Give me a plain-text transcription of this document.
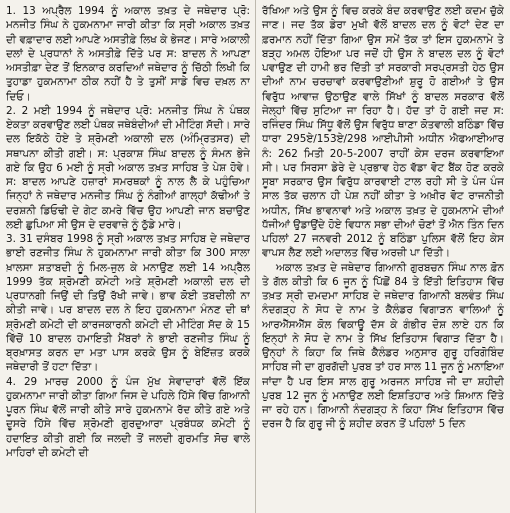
1. 13 ਅਪ੍ਰੈਲ 1994 ਨੂੰ ਅਕਾਲ ਤਖ਼ਤ ਦੇ ਜਥੇਦਾਰ ਪ੍ਰੋ: ਮਨਜੀਤ ਸਿੰਘ ਨੇ ਹੁਕਮਨਾਮਾ ਜਾਰੀ ਕੀਤਾ ਕਿ ਸ੍ਰੀ ਅਕਾਲ ਤਖ਼ਤ ਦੀ ਵਫ਼ਾਦਾਰ ਲਈ ਆਪਣੇ ਅਸਤੀਫ਼ੇ ਲਿਖ ਕੇ ਭੇਜਣ। ਸਾਰੇ ਅਕਾਲੀ ਦਲਾਂ ਦੇ ਪ੍ਰਧਾਨਾਂ ਨੇ ਅਸਤੀਫ਼ੇ ਦਿੱਤੇ ਪਰ ਸ: ਬਾਦਲ ਨੇ ਆਪਣਾ ਅਸਤੀਫ਼ਾ ਦੇਣ ਤੋਂ ਇਨਕਾਰ ਕਰਦਿਆਂ ਜਥੇਦਾਰ ਨੂੰ ਚਿੱਠੀ ਲਿਖੀ ਕਿ ਤੁਹਾਡਾ ਹੁਕਮਨਾਮਾ ਠੀਕ ਨਹੀਂ ਹੈ ਤੇ ਤੁਸੀਂ ਸਾਡੇ ਵਿਚ ਦਖ਼ਲ ਨਾ ਦਿਓ।

2. 2 ਮਈ 1994 ਨੂੰ ਜਥੇਦਾਰ ਪ੍ਰੋ: ਮਨਜੀਤ ਸਿੰਘ ਨੇ ਪੰਥਕ ਏਕਤਾ ਕਰਵਾਉਣ ਲਈ ਪੰਥਕ ਜਥੇਬੰਦੀਆਂ ਦੀ ਮੀਟਿੰਗ ਸੱਦੀ। ਸਾਰੇ ਦਲ ਇਕੱਠੇ ਹੋਏ ਤੇ ਸ਼੍ਰੋਮਣੀ ਅਕਾਲੀ ਦਲ (ਅੰਮ੍ਰਿਤਸਰ) ਦੀ ਸਥਾਪਨਾ ਕੀਤੀ ਗਈ। ਸ: ਪ੍ਰਕਾਸ਼ ਸਿੰਘ ਬਾਦਲ ਨੂੰ ਸੰਮਨ ਭੇਜੇ ਗਏ ਕਿ ਉਹ 6 ਮਈ ਨੂੰ ਸ੍ਰੀ ਅਕਾਲ ਤਖ਼ਤ ਸਾਹਿਬ ਤੇ ਪੇਸ਼ ਹੋਵੇ। ਸ: ਬਾਦਲ ਆਪਣੇ ਹਜ਼ਾਰਾਂ ਸਮਰਥਕਾਂ ਨੂੰ ਨਾਲ ਲੈ ਕੇ ਪਹੁੰਚਿਆ ਜਿਨ੍ਹਾਂ ਨੇ ਜਥੇਦਾਰ ਮਨਜੀਤ ਸਿੰਘ ਨੂੰ ਨੰਗੀਆਂ ਗਾਲ੍ਹਾਂ ਕੱਢੀਆਂ ਤੇ ਦਰਸ਼ਨੀ ਡਿਓਢੀ ਦੇ ਗੇਟ ਕਮਰੇ ਵਿੱਚ ਉਹ ਆਪਣੀ ਜਾਨ ਬਚਾਉਣ ਲਈ ਛੁਪਿਆ ਸੀ ਉਸ ਦੇ ਦਰਵਾਜ਼ੇ ਨੂੰ ਠੁੱਡੇ ਮਾਰੇ।

3. 31 ਦਸੰਬਰ 1998 ਨੂੰ ਸ੍ਰੀ ਅਕਾਲ ਤਖ਼ਤ ਸਾਹਿਬ ਦੇ ਜਥੇਦਾਰ ਭਾਈ ਰਣਜੀਤ ਸਿੰਘ ਨੇ ਹੁਕਮਨਾਮਾ ਜਾਰੀ ਕੀਤਾ ਕਿ 300 ਸਾਲਾ ਖ਼ਾਲਸਾ ਸ਼ਤਾਬਦੀ ਨੂੰ ਮਿਲ-ਜੁਲ ਕੇ ਮਨਾਉਣ ਲਈ 14 ਅਪ੍ਰੈਲ 1999 ਤੱਕ ਸ਼੍ਰੋਮਣੀ ਕਮੇਟੀ ਅਤੇ ਸ਼੍ਰੋਮਣੀ ਅਕਾਲੀ ਦਲ ਦੀ ਪ੍ਰਧਾਨਗੀ ਜਿਉਂ ਦੀ ਤਿਉਂ ਰੱਖੀ ਜਾਵੇ। ਭਾਵ ਕੋਈ ਤਬਦੀਲੀ ਨਾ ਕੀਤੀ ਜਾਵੇ। ਪਰ ਬਾਦਲ ਦਲ ਨੇ ਇਹ ਹੁਕਮਨਾਮਾ ਮੰਨਣ ਦੀ ਥਾਂ ਸ਼੍ਰੋਮਣੀ ਕਮੇਟੀ ਦੀ ਕਾਰਜਕਾਰਨੀ ਕਮੇਟੀ ਦੀ ਮੀਟਿੰਗ ਸੱਦ ਕੇ 15 ਵਿੱਚੋਂ 10 ਬਾਦਲ ਹਮਾਇਤੀ ਮੈਂਬਰਾਂ ਨੇ ਭਾਈ ਰਣਜੀਤ ਸਿੰਘ ਨੂੰ ਬ੍ਰਖ਼ਾਸਤ ਕਰਨ ਦਾ ਮਤਾ ਪਾਸ ਕਰਕੇ ਉਸ ਨੂੰ ਬੇਇੱਜ਼ਤ ਕਰਕੇ ਜਥੇਦਾਰੀ ਤੋਂ ਹਟਾ ਦਿੱਤਾ।

4. 29 ਮਾਰਚ 2000 ਨੂੰ ਪੰਜ ਮੁੱਖ ਸੇਵਾਦਾਰਾਂ ਵੱਲੋਂ ਇੱਕ ਹੁਕਮਨਾਮਾ ਜਾਰੀ ਕੀਤਾ ਗਿਆ ਜਿਸ ਦੇ ਪਹਿਲੇ ਹਿੱਸੇ ਵਿੱਚ ਗਿਆਨੀ ਪੂਰਨ ਸਿੰਘ ਵੱਲੋਂ ਜਾਰੀ ਕੀਤੇ ਸਾਰੇ ਹੁਕਮਨਾਮੇ ਰੱਦ ਕੀਤੇ ਗਏ ਅਤੇ ਦੂਸਰੇ ਹਿੱਸੇ ਵਿੱਚ ਸ਼੍ਰੋਮਣੀ ਗੁਰਦੁਆਰਾ ਪ੍ਰਬੰਧਕ ਕਮੇਟੀ ਨੂੰ ਹਦਾਇਤ ਕੀਤੀ ਗਈ ਕਿ ਜਲਦੀ ਤੋਂ ਜਲਦੀ ਗੁਰਮਤਿ ਸੋਚ ਵਾਲੇ ਮਾਹਿਰਾਂ ਦੀ ਕਮੇਟੀ ਦੀ

ਰੱਖਿਆ ਅਤੇ ਉਸ ਨੂੰ ਵਿਚ ਕਰਕੇ ਬੰਦ ਕਰਵਾਉਣ ਲਈ ਕਦਮ ਚੁੱਕੇ ਜਾਣ। ਜਦ ਤੱਕ ਡੇਰਾ ਮੁਖੀ ਵੱਲੋਂ ਬਾਦਲ ਦਲ ਨੂੰ ਵੋਟਾਂ ਦੇਣ ਦਾ ਫ਼ਰਮਾਨ ਨਹੀਂ ਦਿੱਤਾ ਗਿਆ ਉਸ ਸਮੇਂ ਤੱਕ ਤਾਂ ਇਸ ਹੁਕਮਨਾਮੇ ਤੇ ਬੜ੍ਹ ਅਮਲ ਹੋਇਆ ਪਰ ਜਦੋਂ ਹੀ ਉਸ ਨੇ ਬਾਦਲ ਦਲ ਨੂੰ ਵੋਟਾਂ ਪਵਾਉਣ ਦੀ ਹਾਮੀ ਭਰ ਦਿੱਤੀ ਤਾਂ ਸਰਕਾਰੀ ਸਰਪ੍ਰਸਤੀ ਹੇਠ ਉਸ ਦੀਆਂ ਨਾਮ ਚਰਚਾਵਾਂ ਕਰਵਾਉਣੀਆਂ ਸ਼ੁਰੂ ਹੋ ਗਈਆਂ ਤੇ ਉਸ ਵਿਰੁੱਧ ਆਵਾਜ਼ ਉਠਾਉਣ ਵਾਲੇ ਸਿੱਖਾਂ ਨੂੰ ਬਾਦਲ ਸਰਕਾਰ ਵੱਲੋਂ ਜੇਲ੍ਹਾਂ ਵਿੱਚ ਸੁਟਿਆ ਜਾ ਰਿਹਾ ਹੈ। ਹੱਦ ਤਾਂ ਹੋ ਗਈ ਜਦ ਸ: ਰਜਿੰਦਰ ਸਿੰਘ ਸਿੱਧੂ ਵੱਲੋਂ ਉਸ ਵਿਰੁੱਧ ਥਾਣਾ ਕੋਤਵਾਲੀ ਬਠਿੰਡਾ ਵਿੱਚ ਧਾਰਾ 295ਏ/153ਏ/298 ਆਈਪੀਸੀ ਅਧੀਨ ਐਫਆਈਆਰ ਨੰ: 262 ਮਿਤੀ 20-5-2007 ਰਾਹੀਂ ਕੇਸ ਦਰਜ ਕਰਵਾਇਆ ਸੀ। ਪਰ ਸਿਰਸਾ ਡੇਰੇ ਦੇ ਪ੍ਰਭਾਵ ਹੇਠ ਵੱਡਾ ਵੋਟ ਬੈਂਕ ਹੋਣ ਕਰਕੇ ਸੂਬਾ ਸਰਕਾਰ ਉਸ ਵਿਰੁੱਧ ਕਾਰਵਾਈ ਟਾਲ ਰਹੀ ਸੀ ਤੇ ਪੰਜ ਪੰਜ ਸਾਲ ਤੱਕ ਚਲਾਨ ਹੀ ਪੇਸ਼ ਨਹੀਂ ਕੀਤਾ ਤੇ ਅਖ਼ੀਰ ਵੋਟ ਰਾਜਨੀਤੀ ਅਧੀਨ, ਸਿੱਖ ਭਾਵਨਾਵਾਂ ਅਤੇ ਅਕਾਲ ਤਖ਼ਤ ਦੇ ਹੁਕਮਨਾਮੇ ਦੀਆਂ ਧੱਜੀਆਂ ਉਡਾਉਂਦੇ ਹੋਏ ਵਿਧਾਨ ਸਭਾ ਦੀਆਂ ਚੋਣਾਂ ਤੋਂ ਐਨ ਤਿੰਨ ਦਿਨ ਪਹਿਲਾਂ 27 ਜਨਵਰੀ 2012 ਨੂੰ ਬਠਿੰਡਾ ਪੁਲਿਸ ਵੱਲੋਂ ਇਹ ਕੇਸ ਵਾਪਸ ਲੈਣ ਲਈ ਅਦਾਲਤ ਵਿੱਚ ਅਰਜ਼ੀ ਪਾ ਦਿੱਤੀ।

ਅਕਾਲ ਤਖ਼ਤ ਦੇ ਜਥੇਦਾਰ ਗਿਆਨੀ ਗੁਰਬਚਨ ਸਿੰਘ ਨਾਲ ਫ਼ੋਨ ਤੇ ਗੱਲ ਕੀਤੀ ਕਿ 6 ਜੂਨ ਨੂੰ ਪਿੱਛੋਂ 84 ਤੇ ਇੱਤੀ ਇਤਿਹਾਸ ਵਿੱਚ ਤਖ਼ਤ ਸ੍ਰੀ ਦਮਦਮਾ ਸਾਹਿਬ ਦੇ ਜਥੇਦਾਰ ਗਿਆਨੀ ਬਲਵੰਤ ਸਿੰਘ ਨੰਦਗੜ੍ਹ ਨੇ ਸੋਧ ਦੇ ਨਾਮ ਤੇ ਕੈਲੰਡਰ ਵਿਗਾੜਨ ਵਾਲਿਆਂ ਨੂੰ ਆਰਐੱਸਐੱਸ ਕੋਲ ਵਿਕਾਊ ਦੱਸ ਕੇ ਗੰਭੀਰ ਦੋਸ਼ ਲਾਏ ਹਨ ਕਿ ਇਨ੍ਹਾਂ ਨੇ ਸੋਧ ਦੇ ਨਾਮ ਤੇ ਸਿੱਖ ਇਤਿਹਾਸ ਵਿਗਾੜ ਦਿੱਤਾ ਹੈ। ਉਨ੍ਹਾਂ ਨੇ ਕਿਹਾ ਕਿ ਜਿਥੇ ਕੈਲੰਡਰ ਅਨੁਸਾਰ ਗੁਰੂ ਹਰਿਗੋਬਿੰਦ ਸਾਹਿਬ ਜੀ ਦਾ ਗੁਰਗੱਦੀ ਪੁਰਬ ਤਾਂ ਹਰ ਸਾਲ 11 ਜੂਨ ਨੂੰ ਮਨਾਇਆ ਜਾਂਦਾ ਹੈ ਪਰ ਇਸ ਸਾਲ ਗੁਰੂ ਅਰਜਨ ਸਾਹਿਬ ਜੀ ਦਾ ਸ਼ਹੀਦੀ ਪੁਰਬ 12 ਜੂਨ ਨੂੰ ਮਨਾਉਣ ਲਈ ਇਸ਼ਤਿਹਾਰ ਅਤੇ ਸ਼ਿਆਨ ਦਿੱਤੇ ਜਾ ਰਹੇ ਹਨ। ਗਿਆਨੀ ਨੰਦਗੜ੍ਹ ਨੇ ਕਿਹਾ ਸਿੱਖ ਇਤਿਹਾਸ ਵਿੱਚ ਦਰਜ ਹੈ ਕਿ ਗੁਰੂ ਜੀ ਨੂੰ ਸ਼ਹੀਦ ਕਰਨ ਤੋਂ ਪਹਿਲਾਂ 5 ਦਿਨ
